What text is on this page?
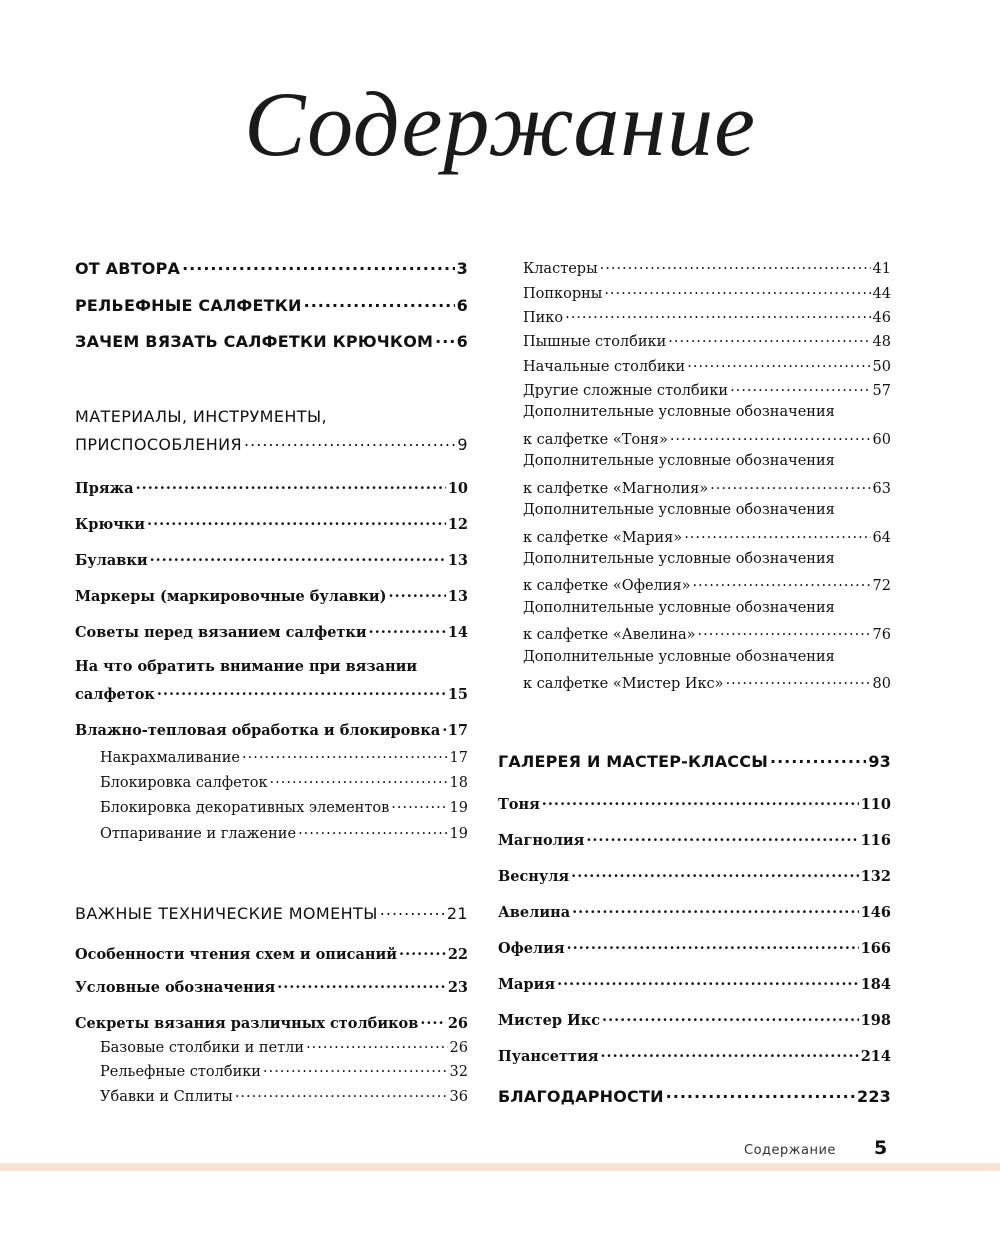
Содержание
ОТ АВТОРА .....	3
РЕЛЬЕФНЫЕ САЛФЕТКИ .....	6
ЗАЧЕМ ВЯЗАТЬ САЛФЕТКИ КРЮЧКОМ ..... 6
МАТЕРИАЛЫ, ИНСТРУМЕНТЫ,
ПРИСПОСОБЛЕНИЯ .....	9
Пряжа .....	10
Крючки .....	12
Булавки .....	13
Маркеры (маркировочные булавки) .....	13
Советы перед вязанием салфетки .....	14
На что обратить внимание при вязании
салфеток .....	15
Влажно-тепловая обработка и блокировка ..... 17
Накрахмаливание .....	17
Блокировка салфеток .....	18
Блокировка декоративных элементов .....	19
Отпаривание и глажение .....	19
ВАЖНЫЕ ТЕХНИЧЕСКИЕ МОМЕНТЫ .....	21
Особенности чтения схем и описаний .....	22
Условные обозначения .....	23
Секреты вязания различных столбиков ..... 26
Базовые столбики и петли .....	26
Рельефные столбики .....	32
Убавки и Сплиты .....	36
Кластеры .....	41
Попкорны .....	44
Пико .....	46
Пышные столбики .....	48
Начальные столбики .....	50
Другие сложные столбики .....	57
Дополнительные условные обозначения
к салфетке «Тоня» .....	60
Дополнительные условные обозначения
к салфетке «Магнолия» .....	63
Дополнительные условные обозначения
к салфетке «Мария» .....	64
Дополнительные условные обозначения
к салфетке «Офелия» .....	72
Дополнительные условные обозначения
к салфетке «Авелина» .....	76
Дополнительные условные обозначения
к салфетке «Мистер Икс» .....	80
ГАЛЕРЕЯ И МАСТЕР-КЛАССЫ .....	93
Тоня .....	110
Магнолия .....	116
Веснуля .....	132
Авелина .....	146
Офелия .....	166
Мария .....	184
Мистер Икс .....	198
Пуансеттия .....	214
БЛАГОДАРНОСТИ .....	223
Содержание 5
